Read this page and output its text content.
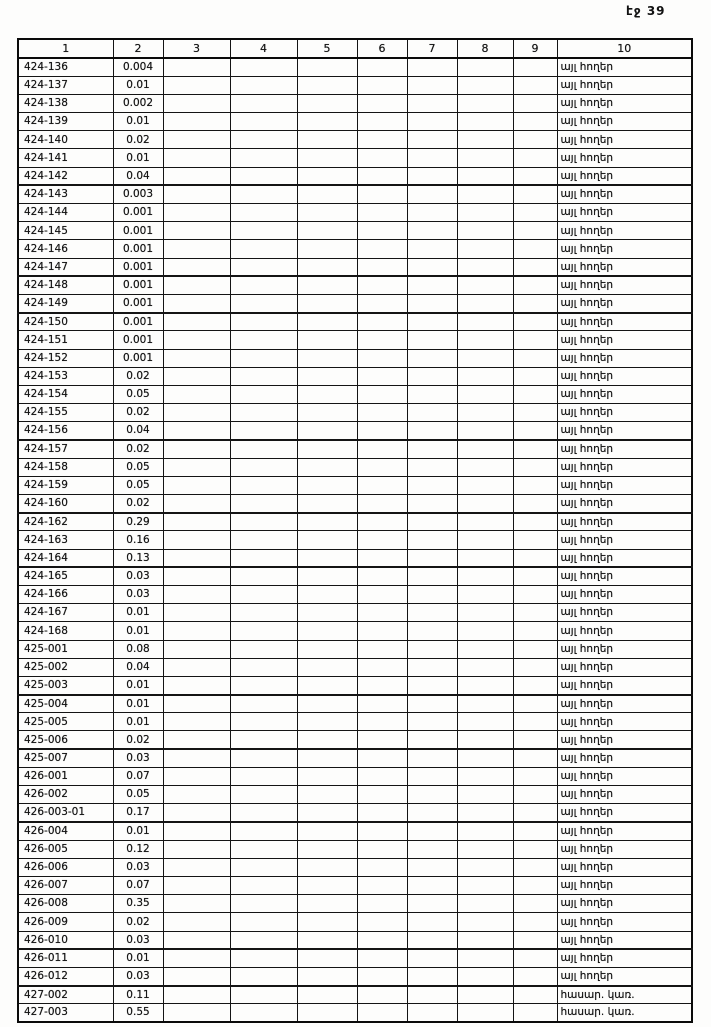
էջ 39
1	2	3	4	5	6	7	8	9	10
424-136	0.004								այլ հողեր
424-137	0.01								այլ հողեր
424-138	0.002								այլ հողեր
424-139	0.01								այլ հողեր
424-140	0.02								այլ հողեր
424-141	0.01								այլ հողեր
424-142	0.04								այլ հողեր
424-143	0.003								այլ հողեր
424-144	0.001								այլ հողեր
424-145	0.001								այլ հողեր
424-146	0.001								այլ հողեր
424-147	0.001								այլ հողեր
424-148	0.001								այլ հողեր
424-149	0.001								այլ հողեր
424-150	0.001								այլ հողեր
424-151	0.001								այլ հողեր
424-152	0.001								այլ հողեր
424-153	0.02								այլ հողեր
424-154	0.05								այլ հողեր
424-155	0.02								այլ հողեր
424-156	0.04								այլ հողեր
424-157	0.02								այլ հողեր
424-158	0.05								այլ հողեր
424-159	0.05								այլ հողեր
424-160	0.02								այլ հողեր
424-162	0.29								այլ հողեր
424-163	0.16								այլ հողեր
424-164	0.13								այլ հողեր
424-165	0.03								այլ հողեր
424-166	0.03								այլ հողեր
424-167	0.01								այլ հողեր
424-168	0.01								այլ հողեր
425-001	0.08								այլ հողեր
425-002	0.04								այլ հողեր
425-003	0.01								այլ հողեր
425-004	0.01								այլ հողեր
425-005	0.01								այլ հողեր
425-006	0.02								այլ հողեր
425-007	0.03								այլ հողեր
426-001	0.07								այլ հողեր
426-002	0.05								այլ հողեր
426-003-01	0.17								այլ հողեր
426-004	0.01								այլ հողեր
426-005	0.12								այլ հողեր
426-006	0.03								այլ հողեր
426-007	0.07								այլ հողեր
426-008	0.35								այլ հողեր
426-009	0.02								այլ հողեր
426-010	0.03								այլ հողեր
426-011	0.01								այլ հողեր
426-012	0.03								այլ հողեր
427-002	0.11								հասար. կառ.
427-003	0.55								հասար. կառ.
